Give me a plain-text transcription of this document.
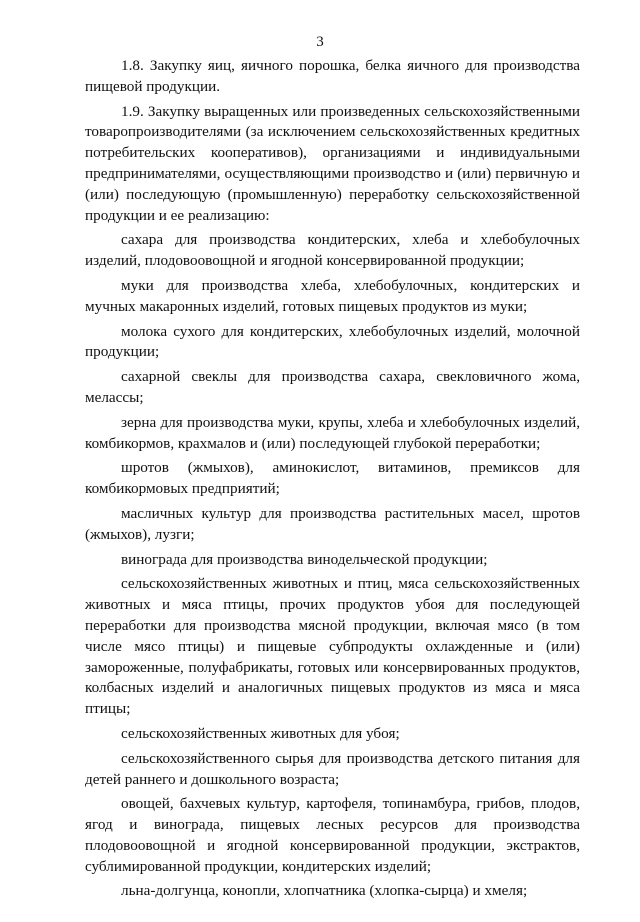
3

1.8. Закупку яиц, яичного порошка, белка яичного для производства пищевой продукции.

1.9. Закупку выращенных или произведенных сельскохозяйственными товаропроизводителями (за исключением сельскохозяйственных кредитных потребительских кооперативов), организациями и индивидуальными предпринимателями, осуществляющими производство и (или) первичную и (или) последующую (промышленную) переработку сельскохозяйственной продукции и ее реализацию:

сахара для производства кондитерских, хлеба и хлебобулочных изделий, плодовоовощной и ягодной консервированной продукции;

муки для производства хлеба, хлебобулочных, кондитерских и мучных макаронных изделий, готовых пищевых продуктов из муки;

молока сухого для кондитерских, хлебобулочных изделий, молочной продукции;

сахарной свеклы для производства сахара, свекловичного жома, мелассы;

зерна для производства муки, крупы, хлеба и хлебобулочных изделий, комбикормов, крахмалов и (или) последующей глубокой переработки;

шротов (жмыхов), аминокислот, витаминов, премиксов для комбикормовых предприятий;

масличных культур для производства растительных масел, шротов (жмыхов), лузги;

винограда для производства винодельческой продукции;

сельскохозяйственных животных и птиц, мяса сельскохозяйственных животных и мяса птицы, прочих продуктов убоя для последующей переработки для производства мясной продукции, включая мясо (в том числе мясо птицы) и пищевые субпродукты охлажденные и (или) замороженные, полуфабрикаты, готовых или консервированных продуктов, колбасных изделий и аналогичных пищевых продуктов из мяса и мяса птицы;

сельскохозяйственных животных для убоя;

сельскохозяйственного сырья для производства детского питания для детей раннего и дошкольного возраста;

овощей, бахчевых культур, картофеля, топинамбура, грибов, плодов, ягод и винограда, пищевых лесных ресурсов для производства плодовоовощной и ягодной консервированной продукции, экстрактов, сублимированной продукции, кондитерских изделий;

льна-долгунца, конопли, хлопчатника (хлопка-сырца) и хмеля;
